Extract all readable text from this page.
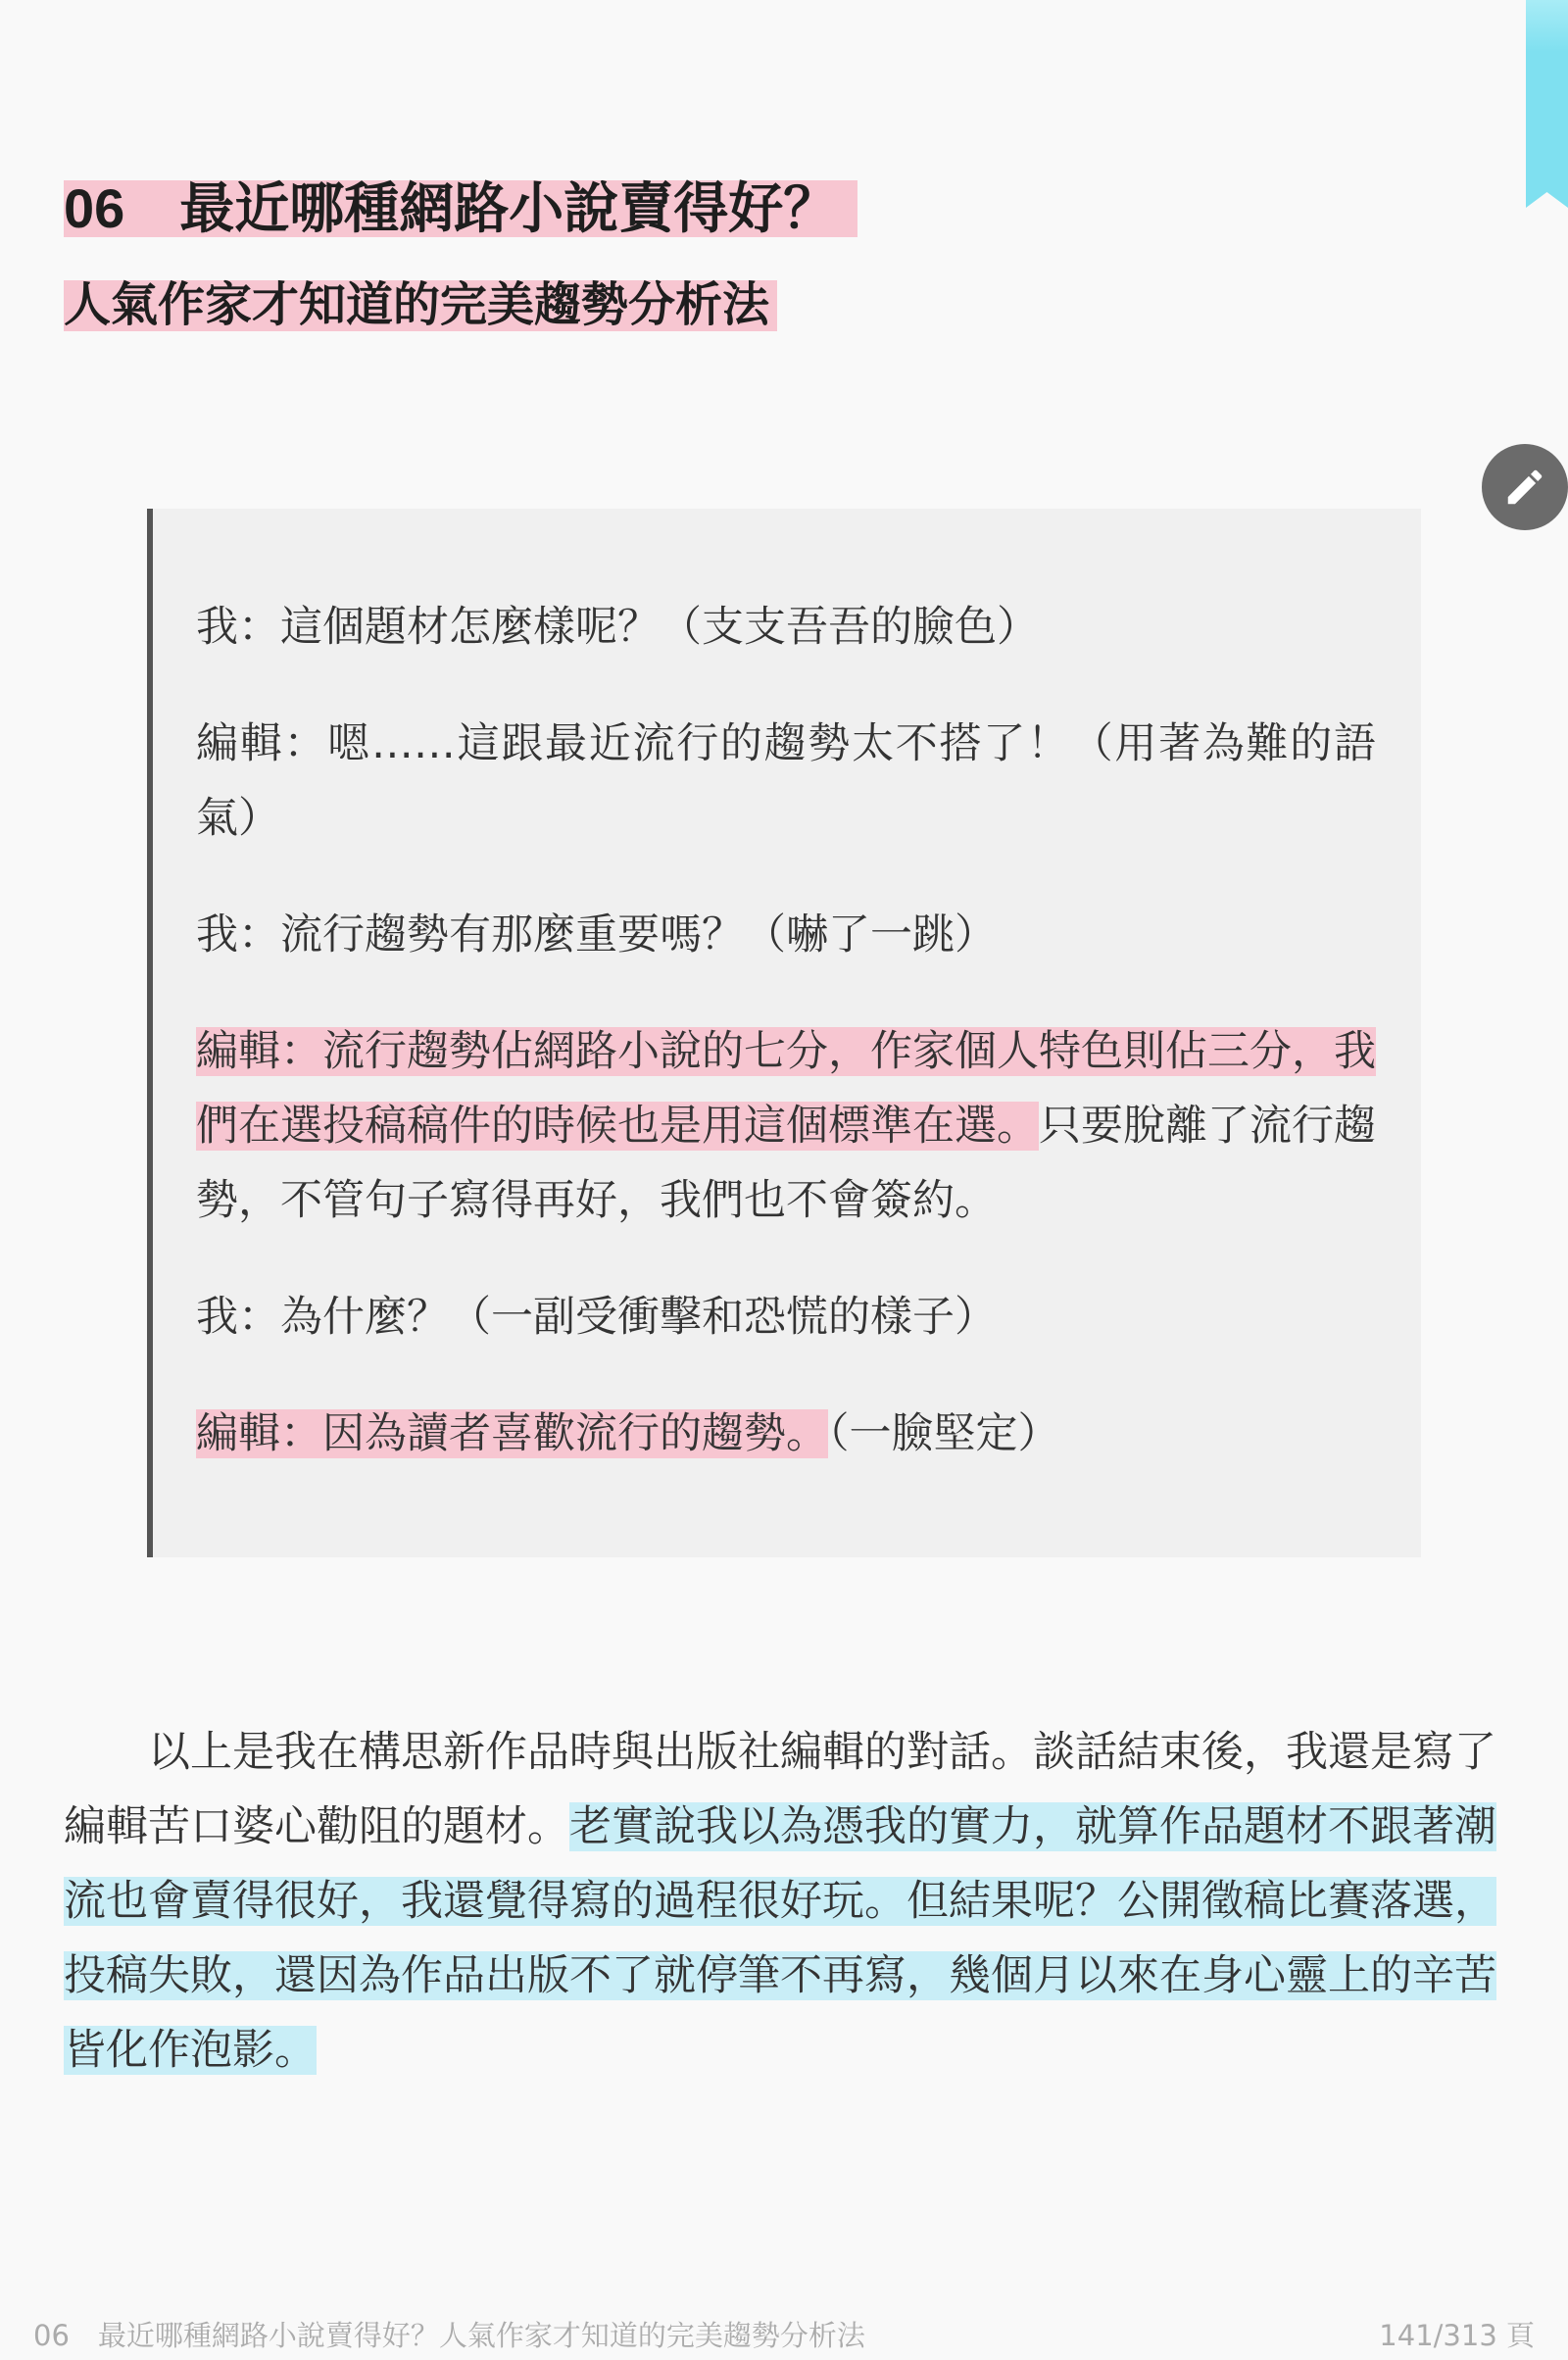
06　最近哪種網路小說賣得好？
人氣作家才知道的完美趨勢分析法

我：這個題材怎麼樣呢？（支支吾吾的臉色）

編輯：嗯……這跟最近流行的趨勢太不搭了！（用著為難的語氣）

我：流行趨勢有那麼重要嗎？（嚇了一跳）

編輯：流行趨勢佔網路小說的七分，作家個人特色則佔三分，我們在選投稿稿件的時候也是用這個標準在選。只要脫離了流行趨勢，不管句子寫得再好，我們也不會簽約。

我：為什麼？（一副受衝擊和恐慌的樣子）

編輯：因為讀者喜歡流行的趨勢。（一臉堅定）

以上是我在構思新作品時與出版社編輯的對話。談話結束後，我還是寫了編輯苦口婆心勸阻的題材。老實說我以為憑我的實力，就算作品題材不跟著潮流也會賣得很好，我還覺得寫的過程很好玩。但結果呢？公開徵稿比賽落選，投稿失敗，還因為作品出版不了就停筆不再寫，幾個月以來在身心靈上的辛苦皆化作泡影。

06　最近哪種網路小說賣得好？人氣作家才知道的完美趨勢分析法	141/313 頁
